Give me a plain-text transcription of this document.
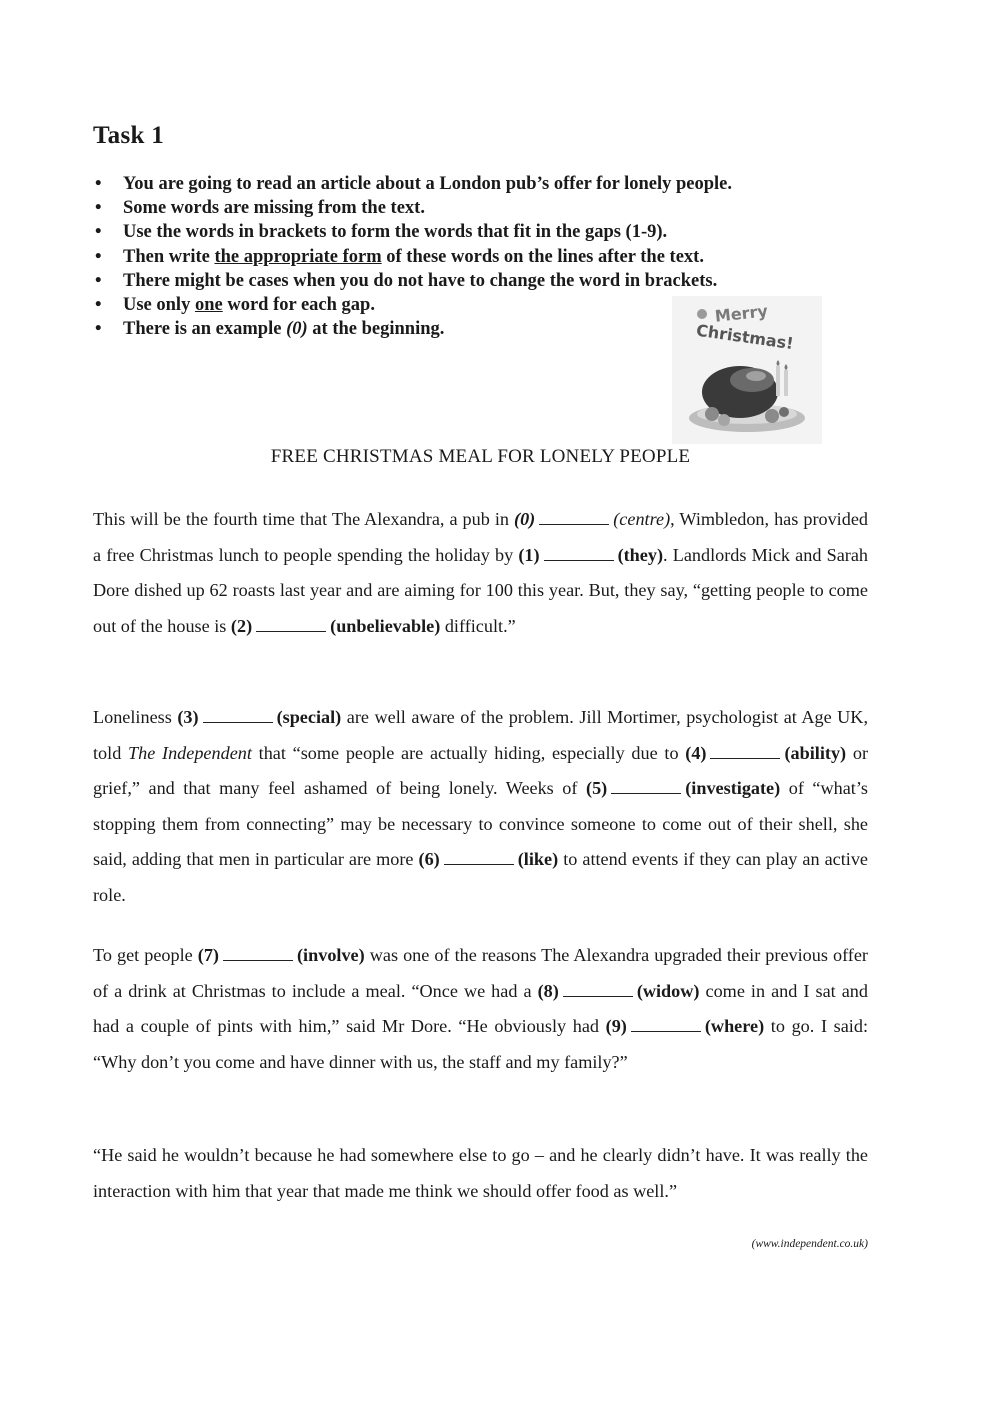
Task 1
• You are going to read an article about a London pub’s offer for lonely people.
• Some words are missing from the text.
• Use the words in brackets to form the words that fit in the gaps (1-9).
• Then write the appropriate form of these words on the lines after the text.
• There might be cases when you do not have to change the word in brackets.
• Use only one word for each gap.
• There is an example (0) at the beginning.
Merry
Christmas!
FREE CHRISTMAS MEAL FOR LONELY PEOPLE

This will be the fourth time that The Alexandra, a pub in (0)	(centre), Wimbledon, has provided a free Christmas lunch to people spending the holiday by (1)	(they). Landlords Mick and Sarah Dore dished up 62 roasts last year and are aiming for 100 this year. But, they say, “getting people to come out of the house is (2)	(unbelievable) difficult.”

Loneliness (3)	(special) are well aware of the problem. Jill Mortimer, psychologist at Age UK, told The Independent that “some people are actually hiding, especially due to (4)	(ability) or grief,” and that many feel ashamed of being lonely. Weeks of (5)	(investigate) of “what’s stopping them from connecting” may be necessary to convince someone to come out of their shell, she said, adding that men in particular are more (6)	(like) to attend events if they can play an active role.

To get people (7)	(involve) was one of the reasons The Alexandra upgraded their previous offer of a drink at Christmas to include a meal. “Once we had a (8)	(widow) come in and I sat and had a couple of pints with him,” said Mr Dore. “He obviously had (9)	(where) to go. I said: “Why don’t you come and have dinner with us, the staff and my family?”

“He said he wouldn’t because he had somewhere else to go – and he clearly didn’t have. It was really the interaction with him that year that made me think we should offer food as well.”

(www.independent.co.uk)
